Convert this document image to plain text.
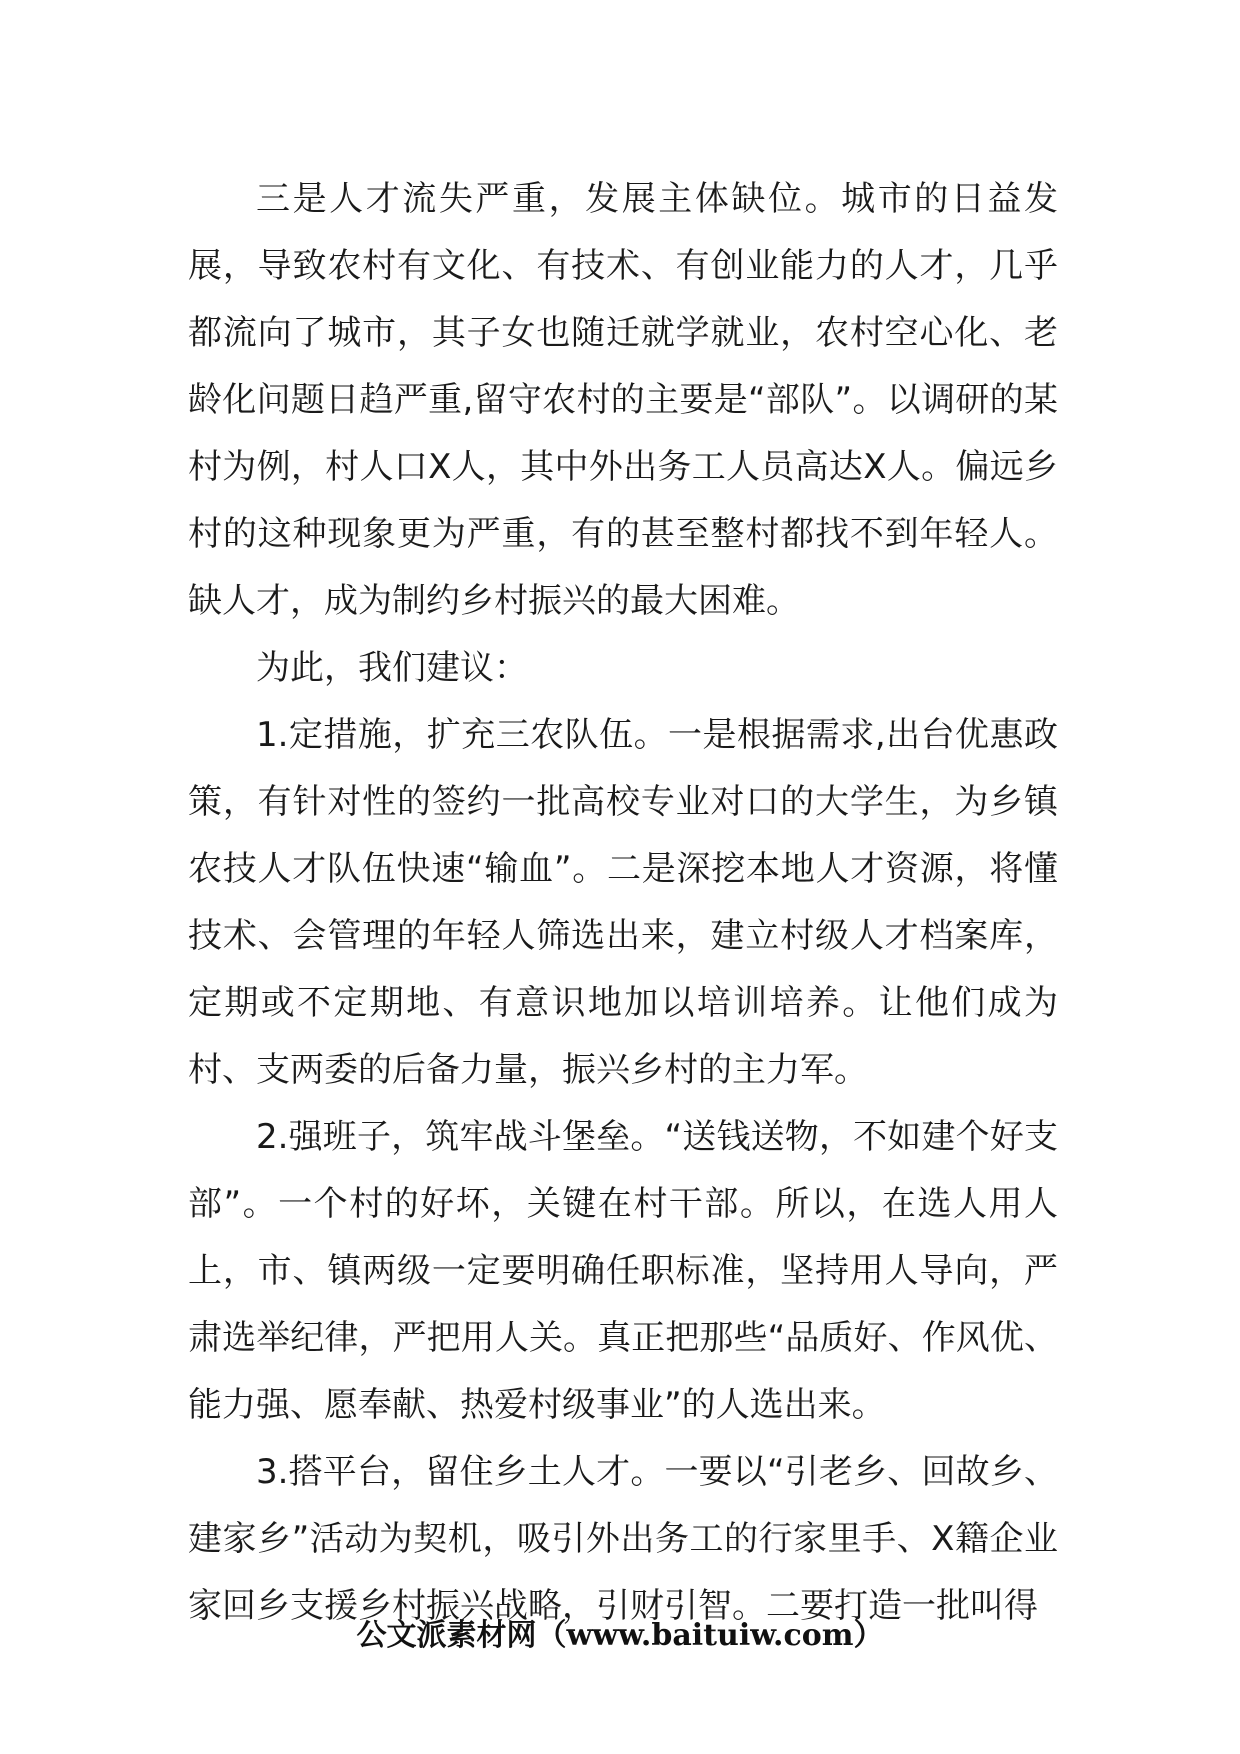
三是人才流失严重，发展主体缺位。城市的日益发展，导致农村有文化、有技术、有创业能力的人才，几乎都流向了城市，其子女也随迁就学就业，农村空心化、老龄化问题日趋严重,留守农村的主要是“部队”。以调研的某村为例，村人口X人，其中外出务工人员高达X人。偏远乡村的这种现象更为严重，有的甚至整村都找不到年轻人。缺人才，成为制约乡村振兴的最大困难。

为此，我们建议：

1.定措施，扩充三农队伍。一是根据需求,出台优惠政策，有针对性的签约一批高校专业对口的大学生，为乡镇农技人才队伍快速“输血”。二是深挖本地人才资源，将懂技术、会管理的年轻人筛选出来，建立村级人才档案库，定期或不定期地、有意识地加以培训培养。让他们成为村、支两委的后备力量，振兴乡村的主力军。

2.强班子，筑牢战斗堡垒。“送钱送物，不如建个好支部”。一个村的好坏，关键在村干部。所以，在选人用人上，市、镇两级一定要明确任职标准，坚持用人导向，严肃选举纪律，严把用人关。真正把那些“品质好、作风优、能力强、愿奉献、热爱村级事业”的人选出来。

3.搭平台，留住乡土人才。一要以“引老乡、回故乡、建家乡”活动为契机，吸引外出务工的行家里手、X籍企业家回乡支援乡村振兴战略，引财引智。二要打造一批叫得

公文派素材网（www.baituiw.com）
